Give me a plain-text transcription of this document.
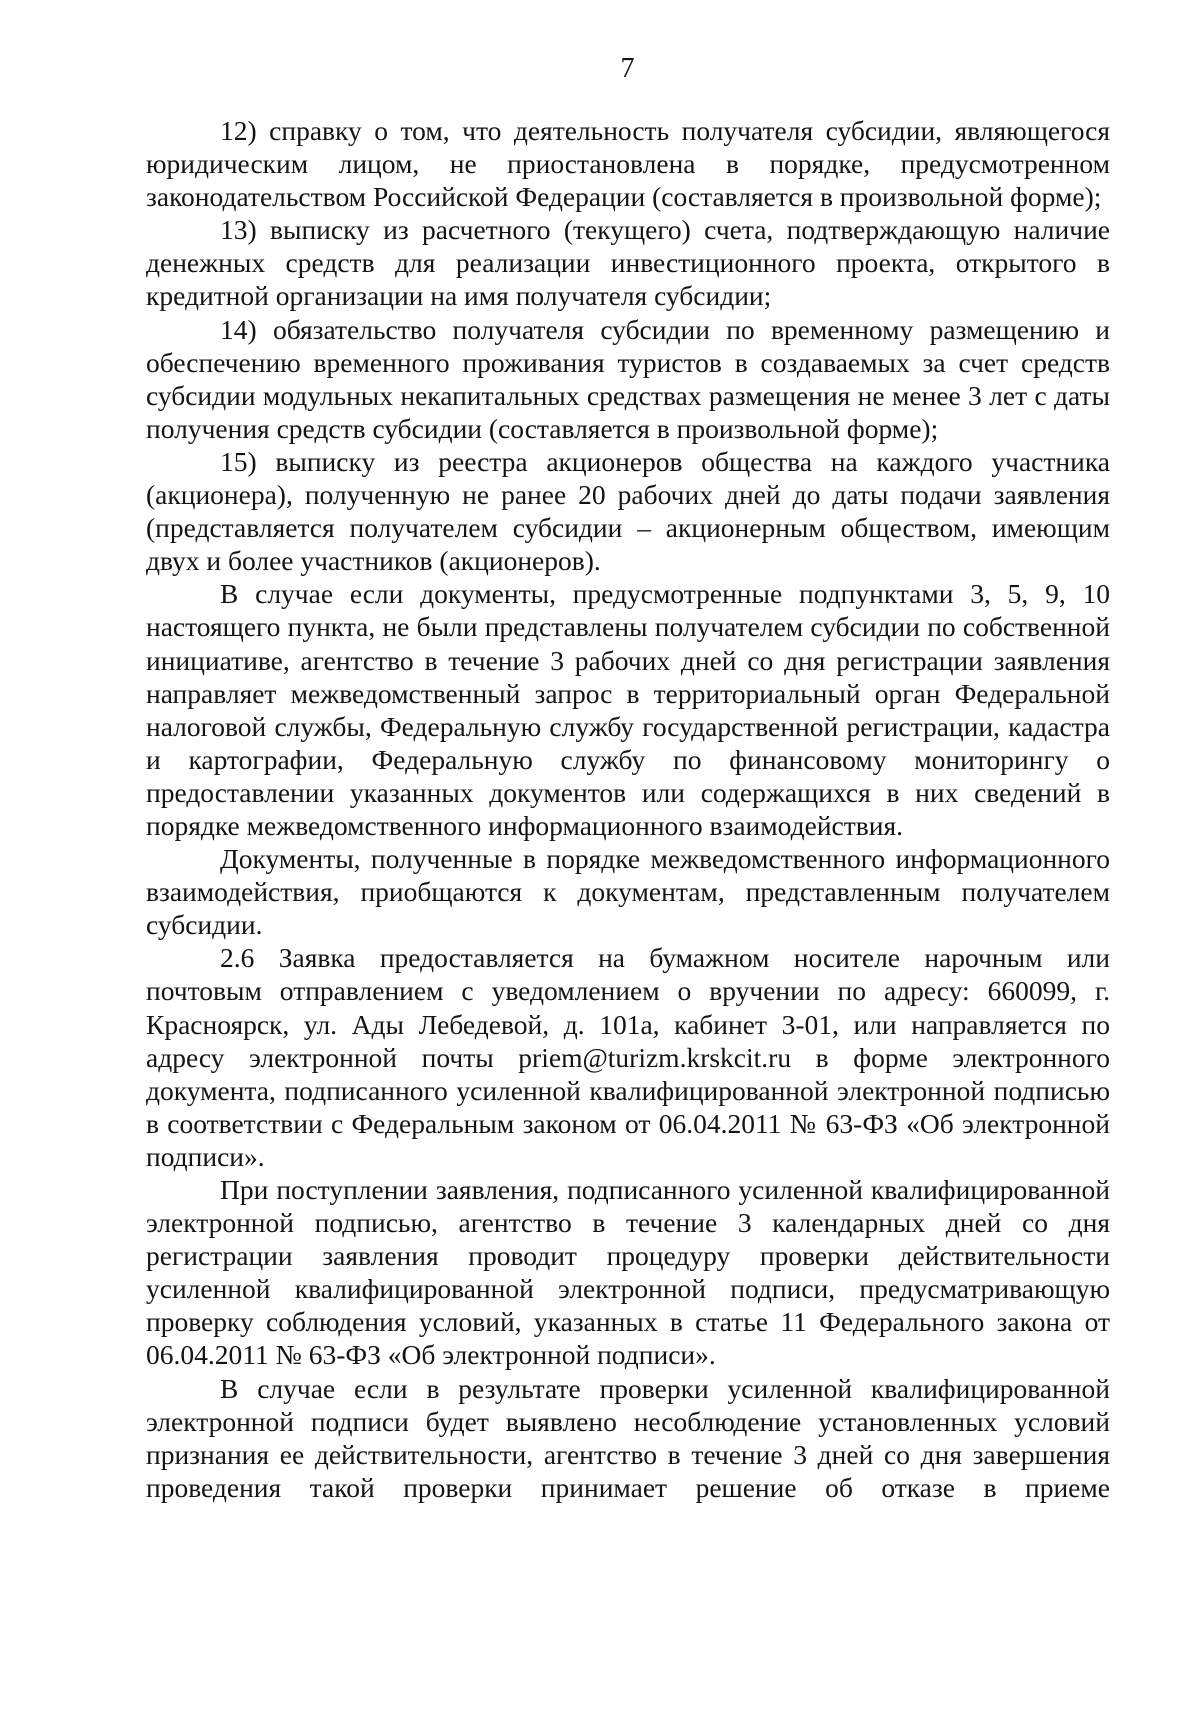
7

12) справку о том, что деятельность получателя субсидии, являющегося юридическим лицом, не приостановлена в порядке, предусмотренном законодательством Российской Федерации (составляется в произвольной форме);

13) выписку из расчетного (текущего) счета, подтверждающую наличие денежных средств для реализации инвестиционного проекта, открытого в кредитной организации на имя получателя субсидии;

14) обязательство получателя субсидии по временному размещению и обеспечению временного проживания туристов в создаваемых за счет средств субсидии модульных некапитальных средствах размещения не менее 3 лет с даты получения средств субсидии (составляется в произвольной форме);

15) выписку из реестра акционеров общества на каждого участника (акционера), полученную не ранее 20 рабочих дней до даты подачи заявления (представляется получателем субсидии – акционерным обществом, имеющим двух и более участников (акционеров).

В случае если документы, предусмотренные подпунктами 3, 5, 9, 10 настоящего пункта, не были представлены получателем субсидии по собственной инициативе, агентство в течение 3 рабочих дней со дня регистрации заявления направляет межведомственный запрос в территориальный орган Федеральной налоговой службы, Федеральную службу государственной регистрации, кадастра и картографии, Федеральную службу по финансовому мониторингу о предоставлении указанных документов или содержащихся в них сведений в порядке межведомственного информационного взаимодействия.

Документы, полученные в порядке межведомственного информационного взаимодействия, приобщаются к документам, представленным получателем субсидии.

2.6 Заявка предоставляется на бумажном носителе нарочным или почтовым отправлением с уведомлением о вручении по адресу: 660099, г. Красноярск, ул. Ады Лебедевой, д. 101а, кабинет 3-01, или направляется по адресу электронной почты priem@turizm.krskcit.ru в форме электронного документа, подписанного усиленной квалифицированной электронной подписью в соответствии с Федеральным законом от 06.04.2011 № 63-ФЗ «Об электронной подписи».

При поступлении заявления, подписанного усиленной квалифицированной электронной подписью, агентство в течение 3 календарных дней со дня регистрации заявления проводит процедуру проверки действительности усиленной квалифицированной электронной подписи, предусматривающую проверку соблюдения условий, указанных в статье 11 Федерального закона от 06.04.2011 № 63-ФЗ «Об электронной подписи».

В случае если в результате проверки усиленной квалифицированной электронной подписи будет выявлено несоблюдение установленных условий признания ее действительности, агентство в течение 3 дней со дня завершения проведения такой проверки принимает решение об отказе в приеме
